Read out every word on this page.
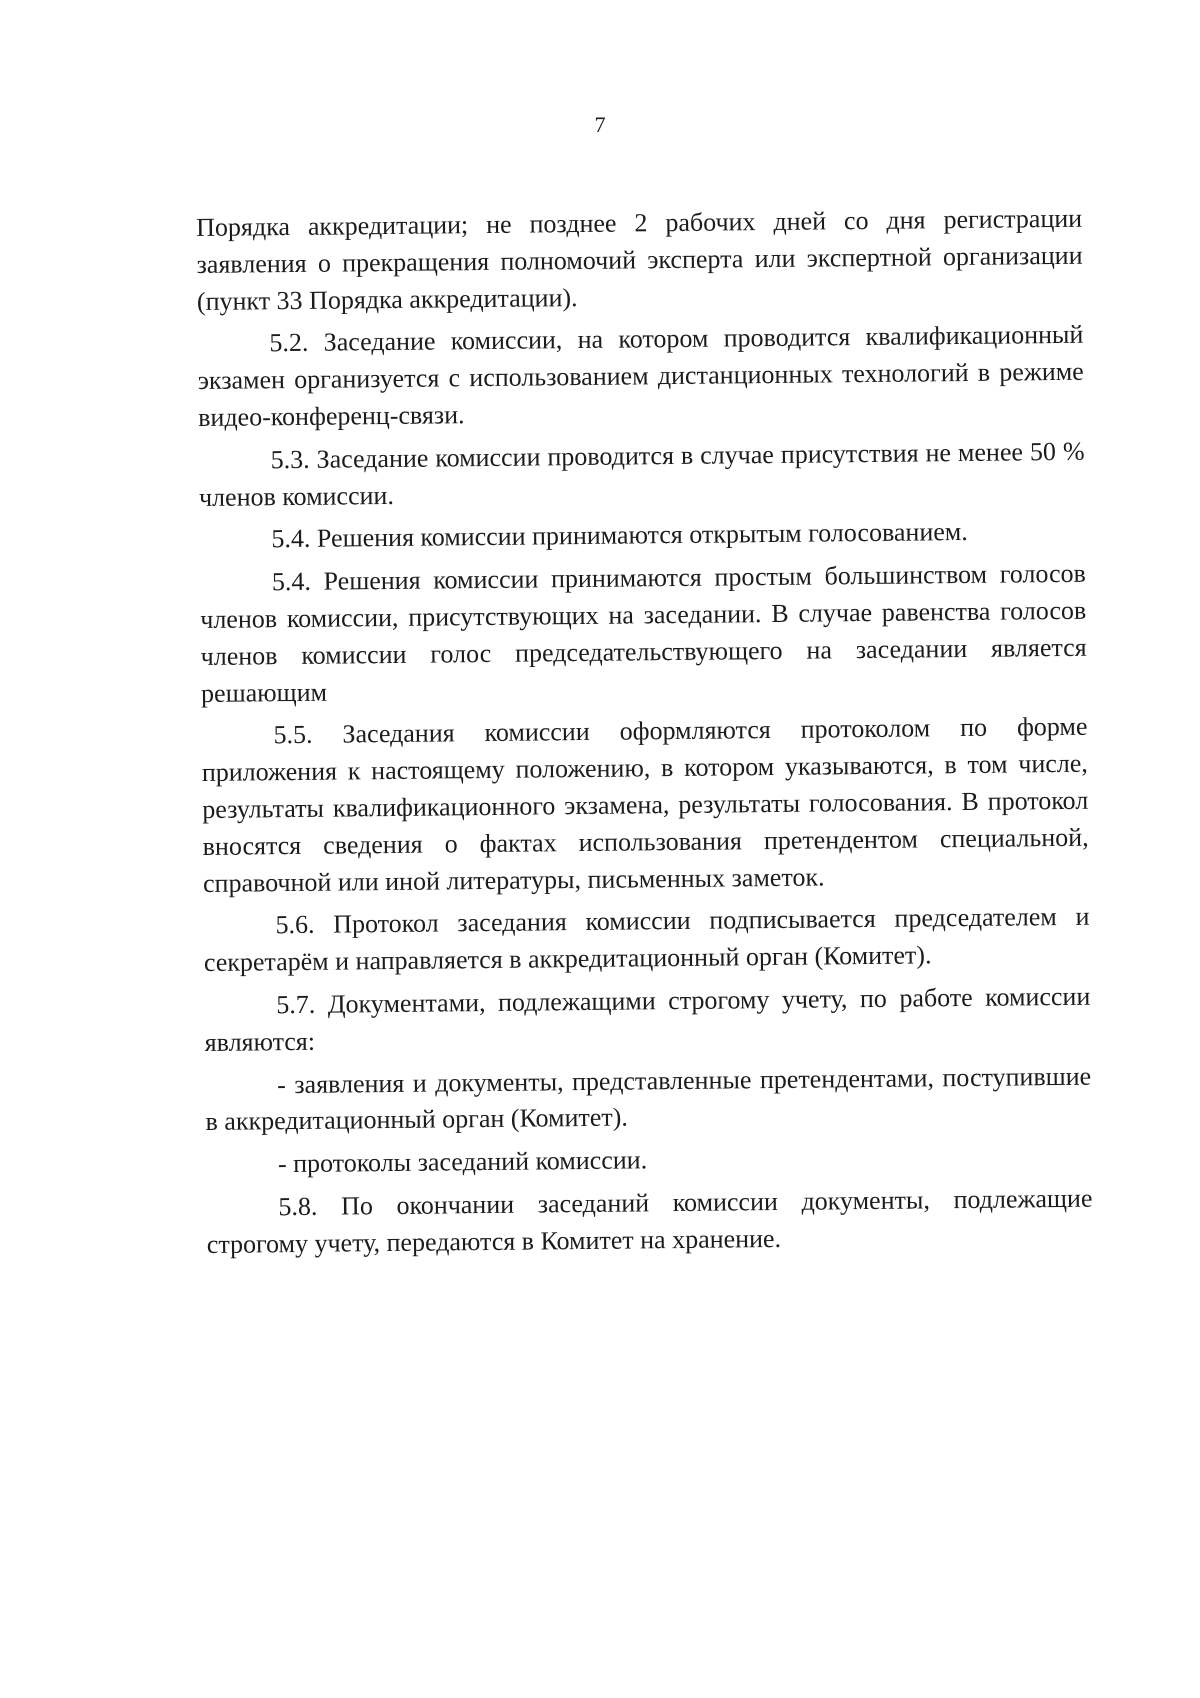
7

Порядка аккредитации; не позднее 2 рабочих дней со дня регистрации заявления о прекращения полномочий эксперта или экспертной организации (пункт 33 Порядка аккредитации).

5.2. Заседание комиссии, на котором проводится квалификационный экзамен организуется с использованием дистанционных технологий в режиме видео-конференц-связи.

5.3. Заседание комиссии проводится в случае присутствия не менее 50 % членов комиссии.

5.4. Решения комиссии принимаются открытым голосованием.

5.4. Решения комиссии принимаются простым большинством голосов членов комиссии, присутствующих на заседании. В случае равенства голосов членов комиссии голос председательствующего на заседании является решающим

5.5. Заседания комиссии оформляются протоколом по форме приложения к настоящему положению, в котором указываются, в том числе, результаты квалификационного экзамена, результаты голосования. В протокол вносятся сведения о фактах использования претендентом специальной, справочной или иной литературы, письменных заметок.

5.6. Протокол заседания комиссии подписывается председателем и секретарём и направляется в аккредитационный орган (Комитет).

5.7. Документами, подлежащими строгому учету, по работе комиссии являются:

- заявления и документы, представленные претендентами, поступившие в аккредитационный орган (Комитет).

- протоколы заседаний комиссии.

5.8. По окончании заседаний комиссии документы, подлежащие строгому учету, передаются в Комитет на хранение.
